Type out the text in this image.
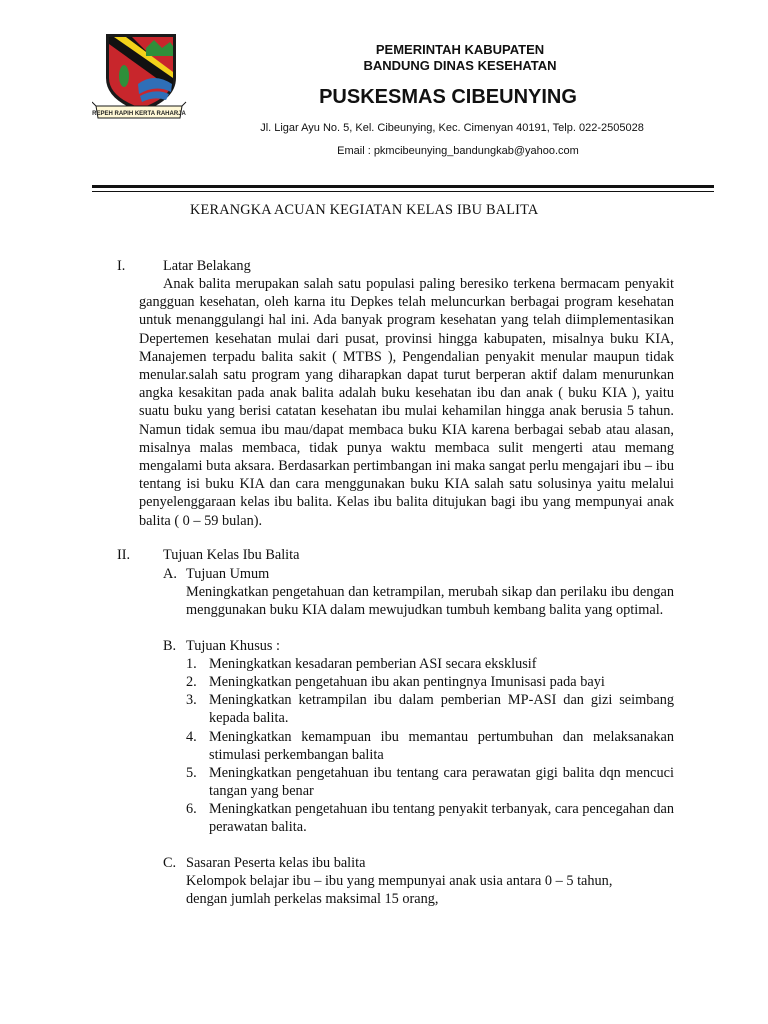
REPEH RAPIH KERTA RAHARJA
PEMERINTAH KABUPATEN
BANDUNG DINAS KESEHATAN
PUSKESMAS CIBEUNYING
Jl. Ligar Ayu No. 5, Kel. Cibeunying, Kec. Cimenyan 40191, Telp. 022-2505028
Email : pkmcibeunying_bandungkab@yahoo.com
KERANGKA ACUAN KEGIATAN KELAS IBU BALITA
I.	Latar Belakang
Anak balita merupakan salah satu populasi paling beresiko terkena bermacam penyakit gangguan kesehatan, oleh karna itu Depkes telah meluncurkan berbagai program kesehatan untuk menanggulangi hal ini. Ada banyak program kesehatan yang telah diimplementasikan Depertemen kesehatan mulai dari pusat, provinsi hingga kabupaten, misalnya buku KIA, Manajemen terpadu balita sakit ( MTBS ), Pengendalian penyakit menular maupun tidak menular.salah satu program yang diharapkan dapat turut berperan aktif dalam menurunkan angka kesakitan pada anak balita adalah buku kesehatan ibu dan anak ( buku KIA ), yaitu suatu buku yang berisi catatan kesehatan ibu mulai kehamilan hingga anak berusia 5 tahun. Namun tidak semua ibu mau/dapat membaca buku KIA karena berbagai sebab atau alasan, misalnya malas membaca, tidak punya waktu membaca sulit mengerti atau memang mengalami buta aksara. Berdasarkan pertimbangan ini maka sangat perlu mengajari ibu – ibu tentang isi buku KIA dan cara menggunakan buku KIA salah satu solusinya yaitu melalui penyelenggaraan kelas ibu balita. Kelas ibu balita ditujukan bagi ibu yang mempunyai anak balita ( 0 – 59 bulan).
II. Tujuan Kelas Ibu Balita
A. Tujuan Umum
Meningkatkan pengetahuan dan ketrampilan, merubah sikap dan perilaku ibu dengan menggunakan buku KIA dalam mewujudkan tumbuh kembang balita yang optimal.
B. Tujuan Khusus :
1. Meningkatkan kesadaran pemberian ASI secara eksklusif
2. Meningkatkan pengetahuan ibu akan pentingnya Imunisasi pada bayi
3. Meningkatkan ketrampilan ibu dalam pemberian MP-ASI dan gizi seimbang kepada balita.
4. Meningkatkan kemampuan ibu memantau pertumbuhan dan melaksanakan stimulasi perkembangan balita
5. Meningkatkan pengetahuan ibu tentang cara perawatan gigi balita dqn mencuci tangan yang benar
6. Meningkatkan pengetahuan ibu tentang penyakit terbanyak, cara pencegahan dan perawatan balita.
C. Sasaran Peserta kelas ibu balita
Kelompok belajar ibu – ibu yang mempunyai anak usia antara 0 – 5 tahun,
dengan jumlah perkelas maksimal 15 orang,
